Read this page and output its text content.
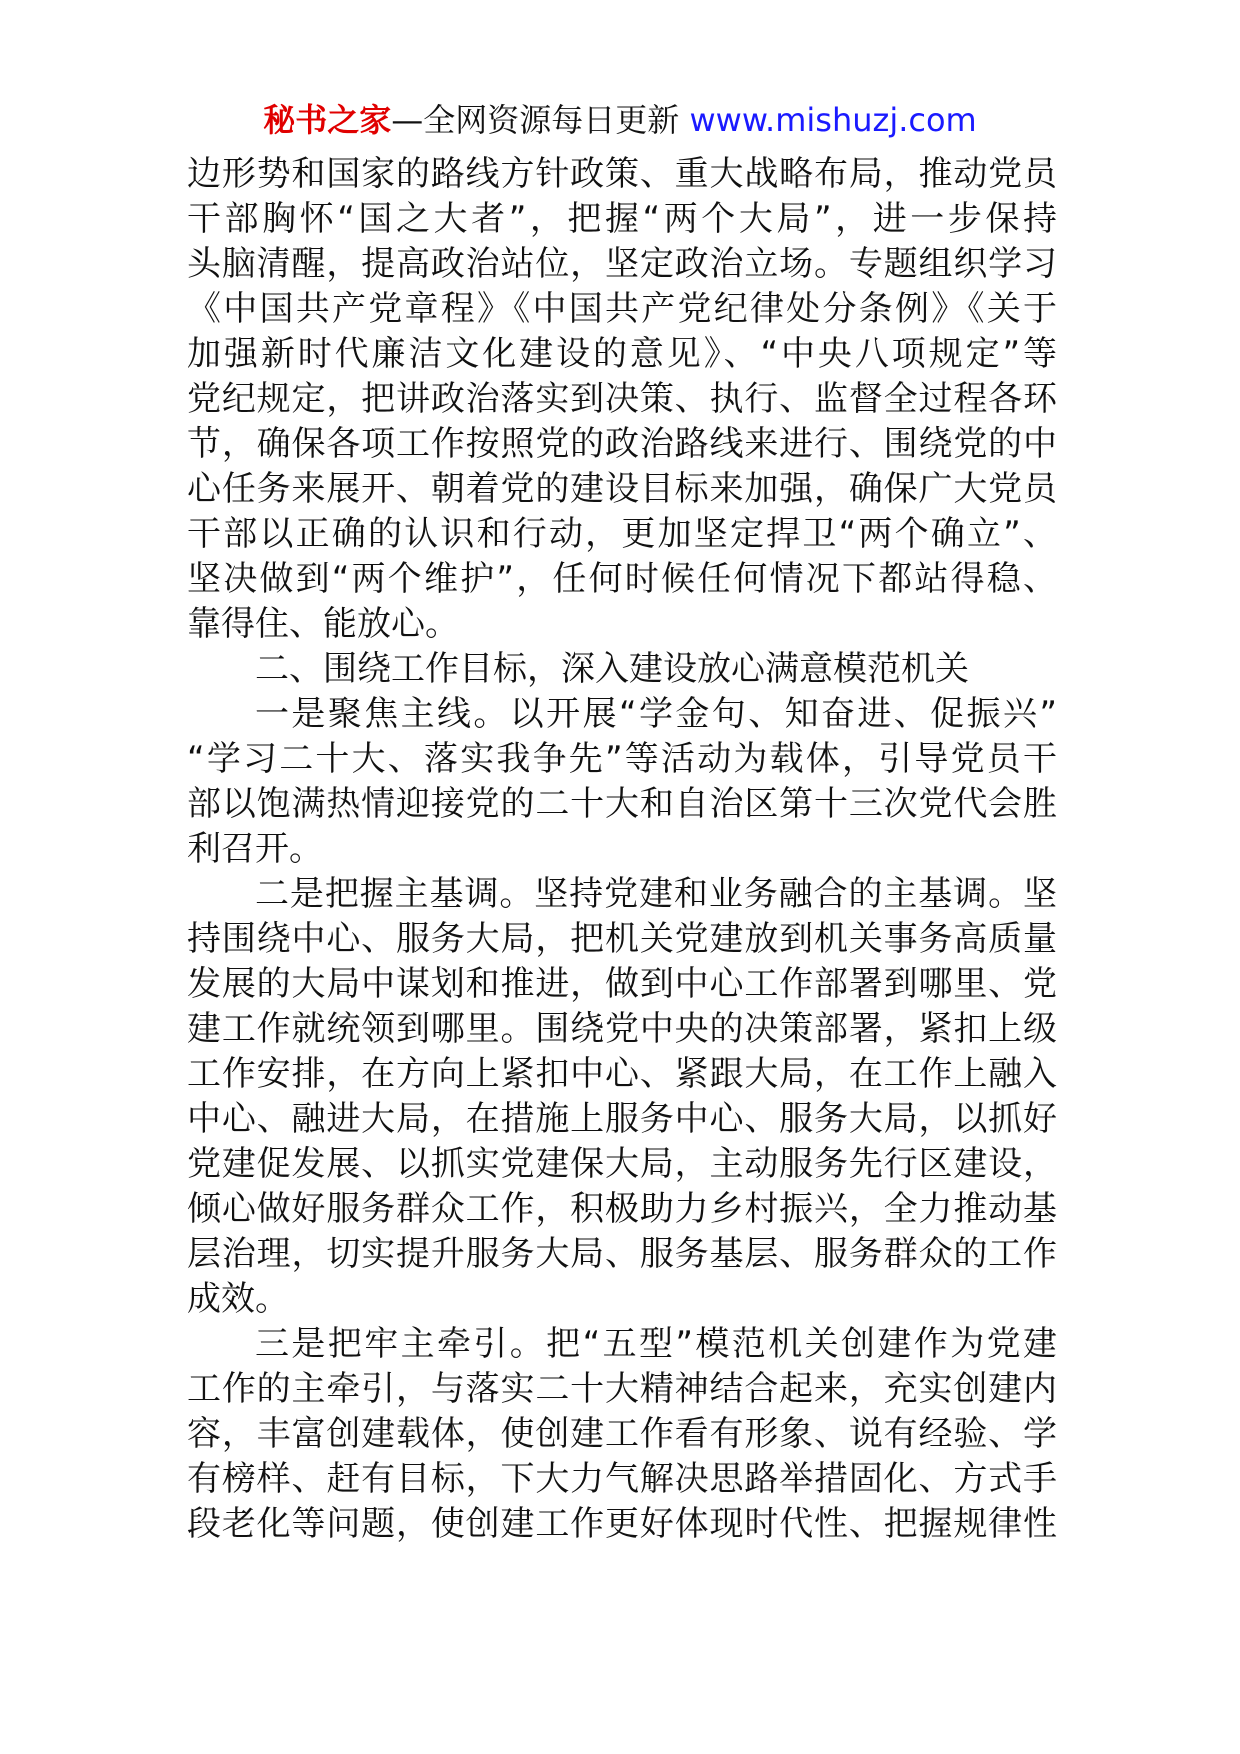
秘书之家—全网资源每日更新 www.mishuzj.com
边形势和国家的路线方针政策、重大战略布局，推动党员
干部胸怀“国之大者”，把握“两个大局”，进一步保持
头脑清醒，提高政治站位，坚定政治立场。专题组织学习
《中国共产党章程》《中国共产党纪律处分条例》《关于
加强新时代廉洁文化建设的意见》、“中央八项规定”等
党纪规定，把讲政治落实到决策、执行、监督全过程各环
节，确保各项工作按照党的政治路线来进行、围绕党的中
心任务来展开、朝着党的建设目标来加强，确保广大党员
干部以正确的认识和行动，更加坚定捍卫“两个确立”、
坚决做到“两个维护”，任何时候任何情况下都站得稳、
靠得住、能放心。
二、围绕工作目标，深入建设放心满意模范机关
一是聚焦主线。以开展“学金句、知奋进、促振兴”
“学习二十大、落实我争先”等活动为载体，引导党员干
部以饱满热情迎接党的二十大和自治区第十三次党代会胜
利召开。
二是把握主基调。坚持党建和业务融合的主基调。坚
持围绕中心、服务大局，把机关党建放到机关事务高质量
发展的大局中谋划和推进，做到中心工作部署到哪里、党
建工作就统领到哪里。围绕党中央的决策部署，紧扣上级
工作安排，在方向上紧扣中心、紧跟大局，在工作上融入
中心、融进大局，在措施上服务中心、服务大局，以抓好
党建促发展、以抓实党建保大局，主动服务先行区建设，
倾心做好服务群众工作，积极助力乡村振兴，全力推动基
层治理，切实提升服务大局、服务基层、服务群众的工作
成效。
三是把牢主牵引。把“五型”模范机关创建作为党建
工作的主牵引，与落实二十大精神结合起来，充实创建内
容，丰富创建载体，使创建工作看有形象、说有经验、学
有榜样、赶有目标，下大力气解决思路举措固化、方式手
段老化等问题，使创建工作更好体现时代性、把握规律性
